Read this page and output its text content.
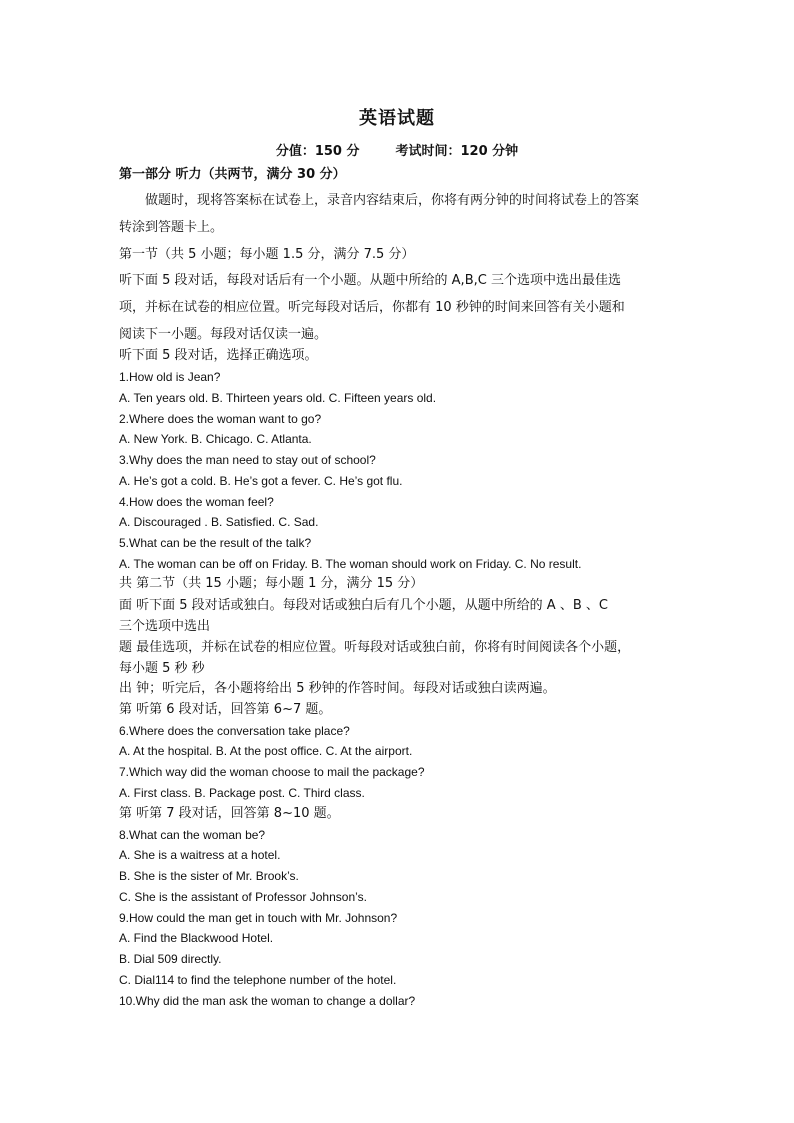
英语试题
分值：150 分	考试时间：120 分钟
第一部分 听力（共两节，满分 30 分）
做题时，现将答案标在试卷上，录音内容结束后，你将有两分钟的时间将试卷上的答案
转涂到答题卡上。
第一节（共 5 小题；每小题 1.5 分，满分 7.5 分）
听下面 5 段对话，每段对话后有一个小题。从题中所给的 A,B,C 三个选项中选出最佳选
项，并标在试卷的相应位置。听完每段对话后，你都有 10 秒钟的时间来回答有关小题和
阅读下一小题。每段对话仅读一遍。
听下面 5 段对话，选择正确选项。
1.How old is Jean?
A. Ten years old. B. Thirteen years old. C. Fifteen years old.
2.Where does the woman want to go?
A. New York. B. Chicago. C. Atlanta.
3.Why does the man need to stay out of school?
A. He’s got a cold. B. He’s got a fever. C. He’s got flu.
4.How does the woman feel?
A. Discouraged . B. Satisfied. C. Sad.
5.What can be the result of the talk?
A. The woman can be off on Friday. B. The woman should work on Friday. C. No result.
共 第二节（共 15 小题；每小题 1 分，满分 15 分）
面 听下面 5 段对话或独白。每段对话或独白后有几个小题，从题中所给的 A 、B 、C
三个选项中选出
题 最佳选项，并标在试卷的相应位置。听每段对话或独白前，你将有时间阅读各个小题，
每小题 5 秒 秒
出 钟；听完后，各小题将给出 5 秒钟的作答时间。每段对话或独白读两遍。
第 听第 6 段对话，回答第 6~7 题。
6.Where does the conversation take place?
A. At the hospital. B. At the post office. C. At the airport.
7.Which way did the woman choose to mail the package?
A. First class. B. Package post. C. Third class.
第 听第 7 段对话，回答第 8~10 题。
8.What can the woman be?
A. She is a waitress at a hotel.
B. She is the sister of Mr. Brook’s.
C. She is the assistant of Professor Johnson’s.
9.How could the man get in touch with Mr. Johnson?
A. Find the Blackwood Hotel.
B. Dial 509 directly.
C. Dial114 to find the telephone number of the hotel.
10.Why did the man ask the woman to change a dollar?
